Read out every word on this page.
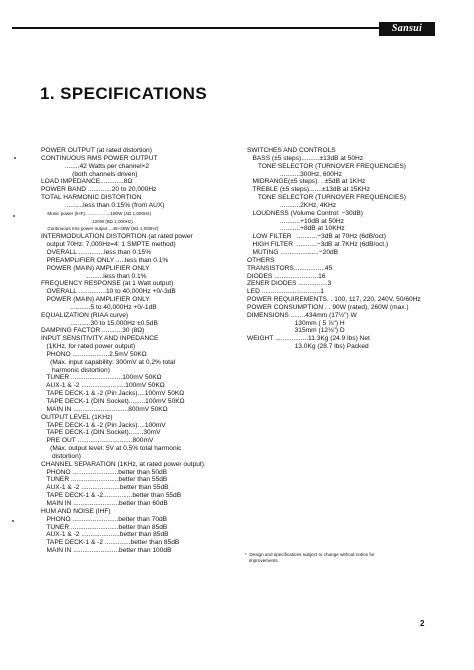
Sansui
1. SPECIFICATIONS
POWER OUTPUT (at rated distortion)
CONTINUOUS RMS POWER OUTPUT
........42 Watts per channel×2
(both channels driven)
LOAD IMPEDANCE.............8Ω
POWER BAND .............20 to 20,000Hz
TOTAL HARMONIC DISTORTION
..........less than 0.15% (from AUX)
Music power (IHF)....................180W (4Ω 1,000Hz)
120W (8Ω 1,000Hz)
Continuous rms power output ...45+45W (8Ω 1,000Hz)
INTERMODULATION DISTORTION (at rated power
output 70Hz: 7,000Hz=4: 1 SMPTE method)
OVERALL ..............less than 0.15%
PREAMPLIFIER ONLY .....less than 0.1%
POWER (MAIN) AMPLIFIER ONLY
.........less than 0.1%
FREQUENCY RESPONSE (at 1 Watt output)
OVERALL ...............10 to 40,000Hz +0/-3dB
POWER (MAIN) AMPLIFIER ONLY
...........5 to 40,000Hz +0/-1dB
EQUALIZATION (RIAA curve)
...........30 to 15,000Hz ±0.5dB
DAMPING FACTOR ...........30 (8Ω)
INPUT SENSITIVITY AND INPEDANCE
(1KHz, for rated power output)
PHONO ....................2.5mV 50KΩ
(Max. input capability: 300mV at 0.2% total
harmonic distortion)
TUNER ............................100mV 50KΩ
AUX-1 & -2 ........................100mV 50KΩ
TAPE DECK-1 & -2 (Pin Jacks)....100mV 50KΩ
TAPE DECK-1 (DIN Socket).........100mV 50KΩ
MAIN IN ..............................800mV 50KΩ
OUTPUT LEVEL (1KHz)
TAPE DECK-1 & -2 (Pin Jacks)....100mV
TAPE DECK-1 (DIN Socket)........30mV
PRE OUT ..............................800mV
(Max. output level: 5V at 0.5% total harmonic
distortion)
CHANNEL SEPARATION (1KHz, at rated power output)
PHONO .........................better than 50dB
TUNER ..........................better than 55dB
AUX-1 & -2 .....................better than 55dB
TAPE DECK-1 & -2................better than 55dB
MAIN IN .........................better than 60dB
HUM AND NOISE (IHF)
PHONO .........................better than 70dB
TUNER ..........................better than 85dB
AUX-1 & -2 .....................better than 85dB
TAPE DECK-1 & -2 ..............better than 85dB
MAIN IN .........................better than 100dB
SWITCHES AND CONTROLS
BASS (±5 steps)..........±13dB at 50Hz
TONE SELECTOR (TURNOVER FREQUENCIES)
...........300Hz, 600Hz
MIDRANGE(±5 steps). . ±5dB at 1KHz
TREBLE (±5 steps).......±13dB at 15KHz
TONE SELECTOR (TURNOVER FREQUENCIES)
...........2KHz, 4KHz
LOUDNESS (Volume Control: −30dB)
...........+10dB at 50Hz
...........+8dB at 10KHz
LOW FILTER   ...........−3dB at 70Hz (6dB/oct)
HIGH FILTER  ...........−3dB at 7KHz (6dB/oct.)
MUTING .....................−20dB
OTHERS
TRANSISTORS.................45
DIODES ........................16
ZENER DIODES ................3
LED ................................1
POWER REQUIREMENTS. . 100, 117, 220, 240V, 50/60Hz
POWER CONSUMPTION . . 90W (rated), 260W (max.)
DIMENSIONS ........434mm (17½") W
130mm ( 5 ⅞") H
315mm (12⅛") D
WEIGHT ..................11.3Kg (24.9 lbs) Net
13.0Kg (28.7 lbs) Packed
*  Design and specifications subject to change without notice for
improvements.
2
